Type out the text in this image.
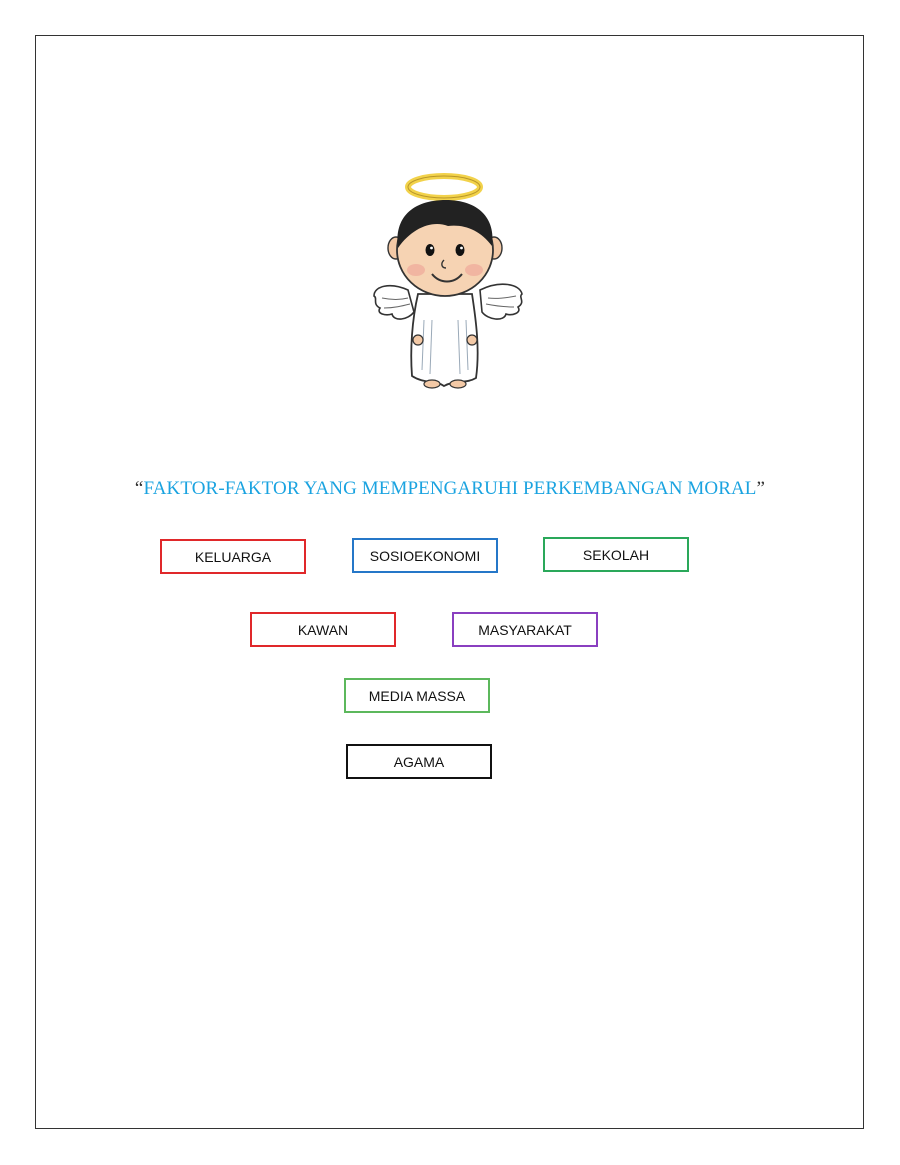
“FAKTOR-FAKTOR YANG MEMPENGARUHI PERKEMBANGAN MORAL”
KELUARGA	SOSIOEKONOMI	SEKOLAH
KAWAN	MASYARAKAT
MEDIA MASSA
AGAMA
